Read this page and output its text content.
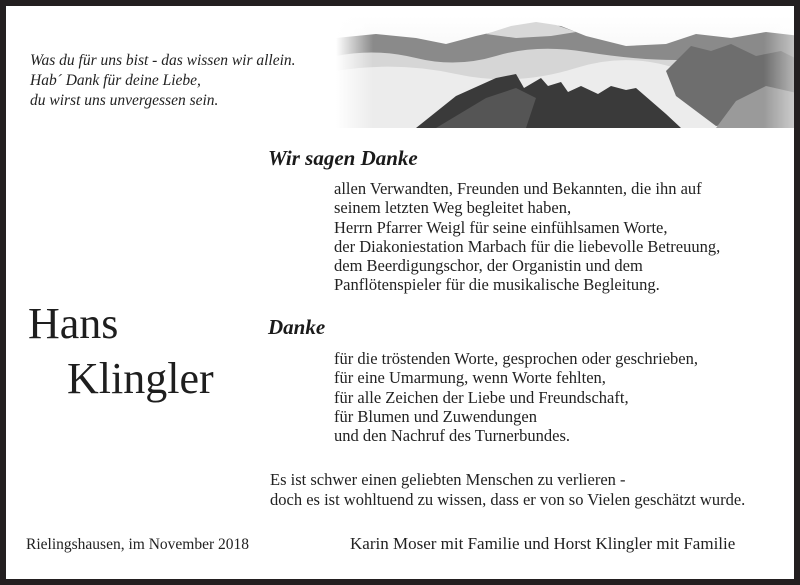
Was du für uns bist - das wissen wir allein.
Hab´ Dank für deine Liebe,
du wirst uns unvergessen sein.
Wir sagen Danke
allen Verwandten, Freunden und Bekannten, die ihn auf
seinem letzten Weg begleitet haben,
Herrn Pfarrer Weigl für seine einfühlsamen Worte,
der Diakoniestation Marbach für die liebevolle Betreuung,
dem Beerdigungschor, der Organistin und dem
Panflötenspieler für die musikalische Begleitung.
Hans
Klingler
Danke
für die tröstenden Worte, gesprochen oder geschrieben,
für eine Umarmung, wenn Worte fehlten,
für alle Zeichen der Liebe und Freundschaft,
für Blumen und Zuwendungen
und den Nachruf des Turnerbundes.
Es ist schwer einen geliebten Menschen zu verlieren -
doch es ist wohltuend zu wissen, dass er von so Vielen geschätzt wurde.
Rielingshausen, im November 2018	Karin Moser mit Familie und Horst Klingler mit Familie
